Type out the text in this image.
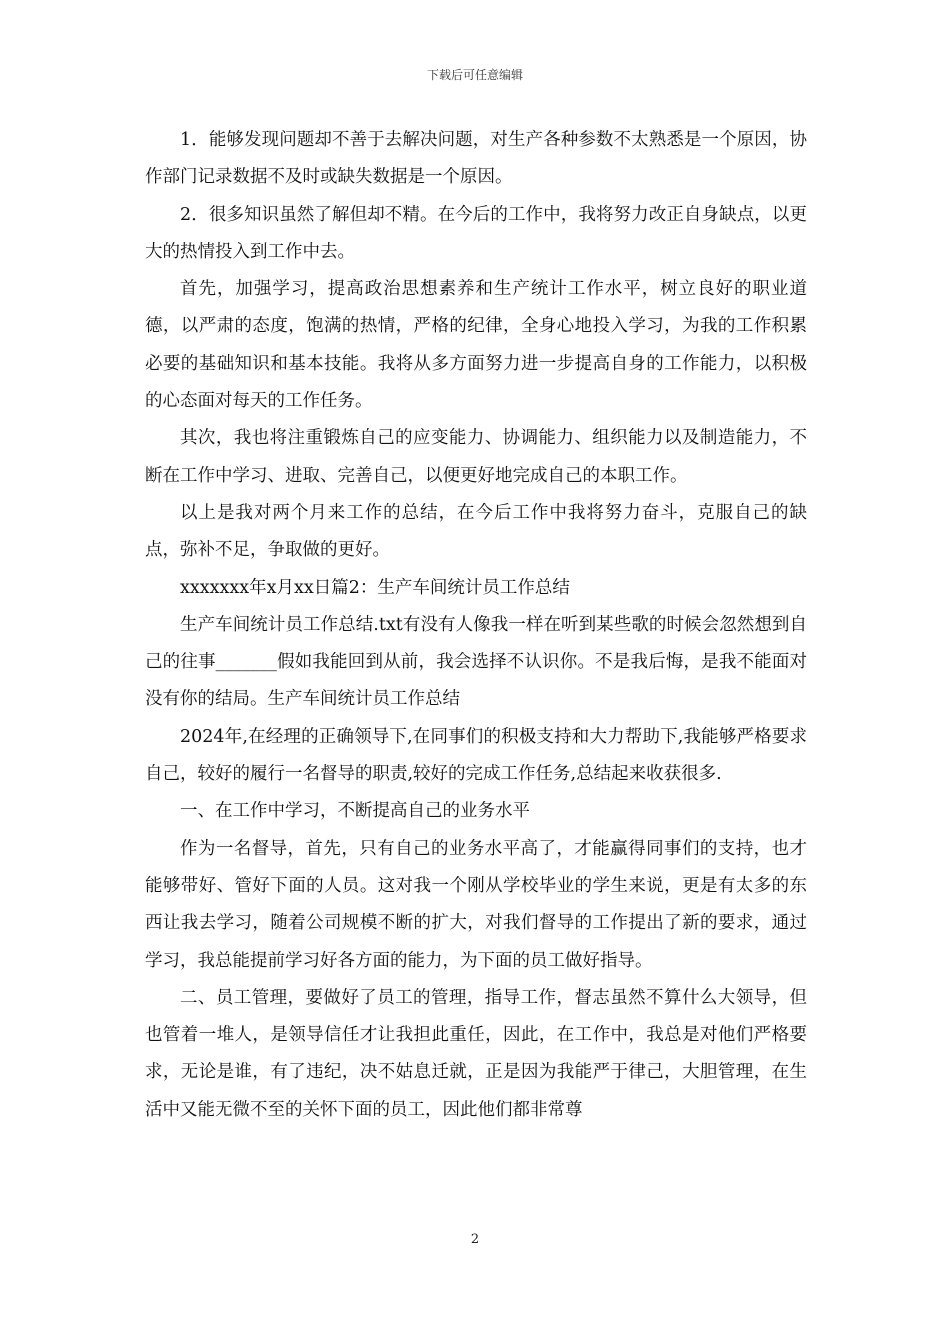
下载后可任意编辑

1．能够发现问题却不善于去解决问题，对生产各种参数不太熟悉是一个原因，协作部门记录数据不及时或缺失数据是一个原因。

2．很多知识虽然了解但却不精。在今后的工作中，我将努力改正自身缺点，以更大的热情投入到工作中去。

首先，加强学习，提高政治思想素养和生产统计工作水平，树立良好的职业道德，以严肃的态度，饱满的热情，严格的纪律，全身心地投入学习，为我的工作积累必要的基础知识和基本技能。我将从多方面努力进一步提高自身的工作能力，以积极的心态面对每天的工作任务。

其次，我也将注重锻炼自己的应变能力、协调能力、组织能力以及制造能力，不断在工作中学习、进取、完善自己，以便更好地完成自己的本职工作。

以上是我对两个月来工作的总结，在今后工作中我将努力奋斗，克服自己的缺点，弥补不足，争取做的更好。

xxxxxxx年x月xx日篇2：生产车间统计员工作总结

生产车间统计员工作总结.txt有没有人像我一样在听到某些歌的时候会忽然想到自己的往事_______假如我能回到从前，我会选择不认识你。不是我后悔，是我不能面对没有你的结局。生产车间统计员工作总结

2024年,在经理的正确领导下,在同事们的积极支持和大力帮助下,我能够严格要求自己，较好的履行一名督导的职责,较好的完成工作任务,总结起来收获很多.

一、在工作中学习，不断提高自己的业务水平

作为一名督导，首先，只有自己的业务水平高了，才能赢得同事们的支持，也才能够带好、管好下面的人员。这对我一个刚从学校毕业的学生来说，更是有太多的东西让我去学习，随着公司规模不断的扩大，对我们督导的工作提出了新的要求，通过学习，我总能提前学习好各方面的能力，为下面的员工做好指导。

二、员工管理，要做好了员工的管理，指导工作，督志虽然不算什么大领导，但也管着一堆人，是领导信任才让我担此重任，因此，在工作中，我总是对他们严格要求，无论是谁，有了违纪，决不姑息迁就，正是因为我能严于律己，大胆管理，在生活中又能无微不至的关怀下面的员工，因此他们都非常尊

2
